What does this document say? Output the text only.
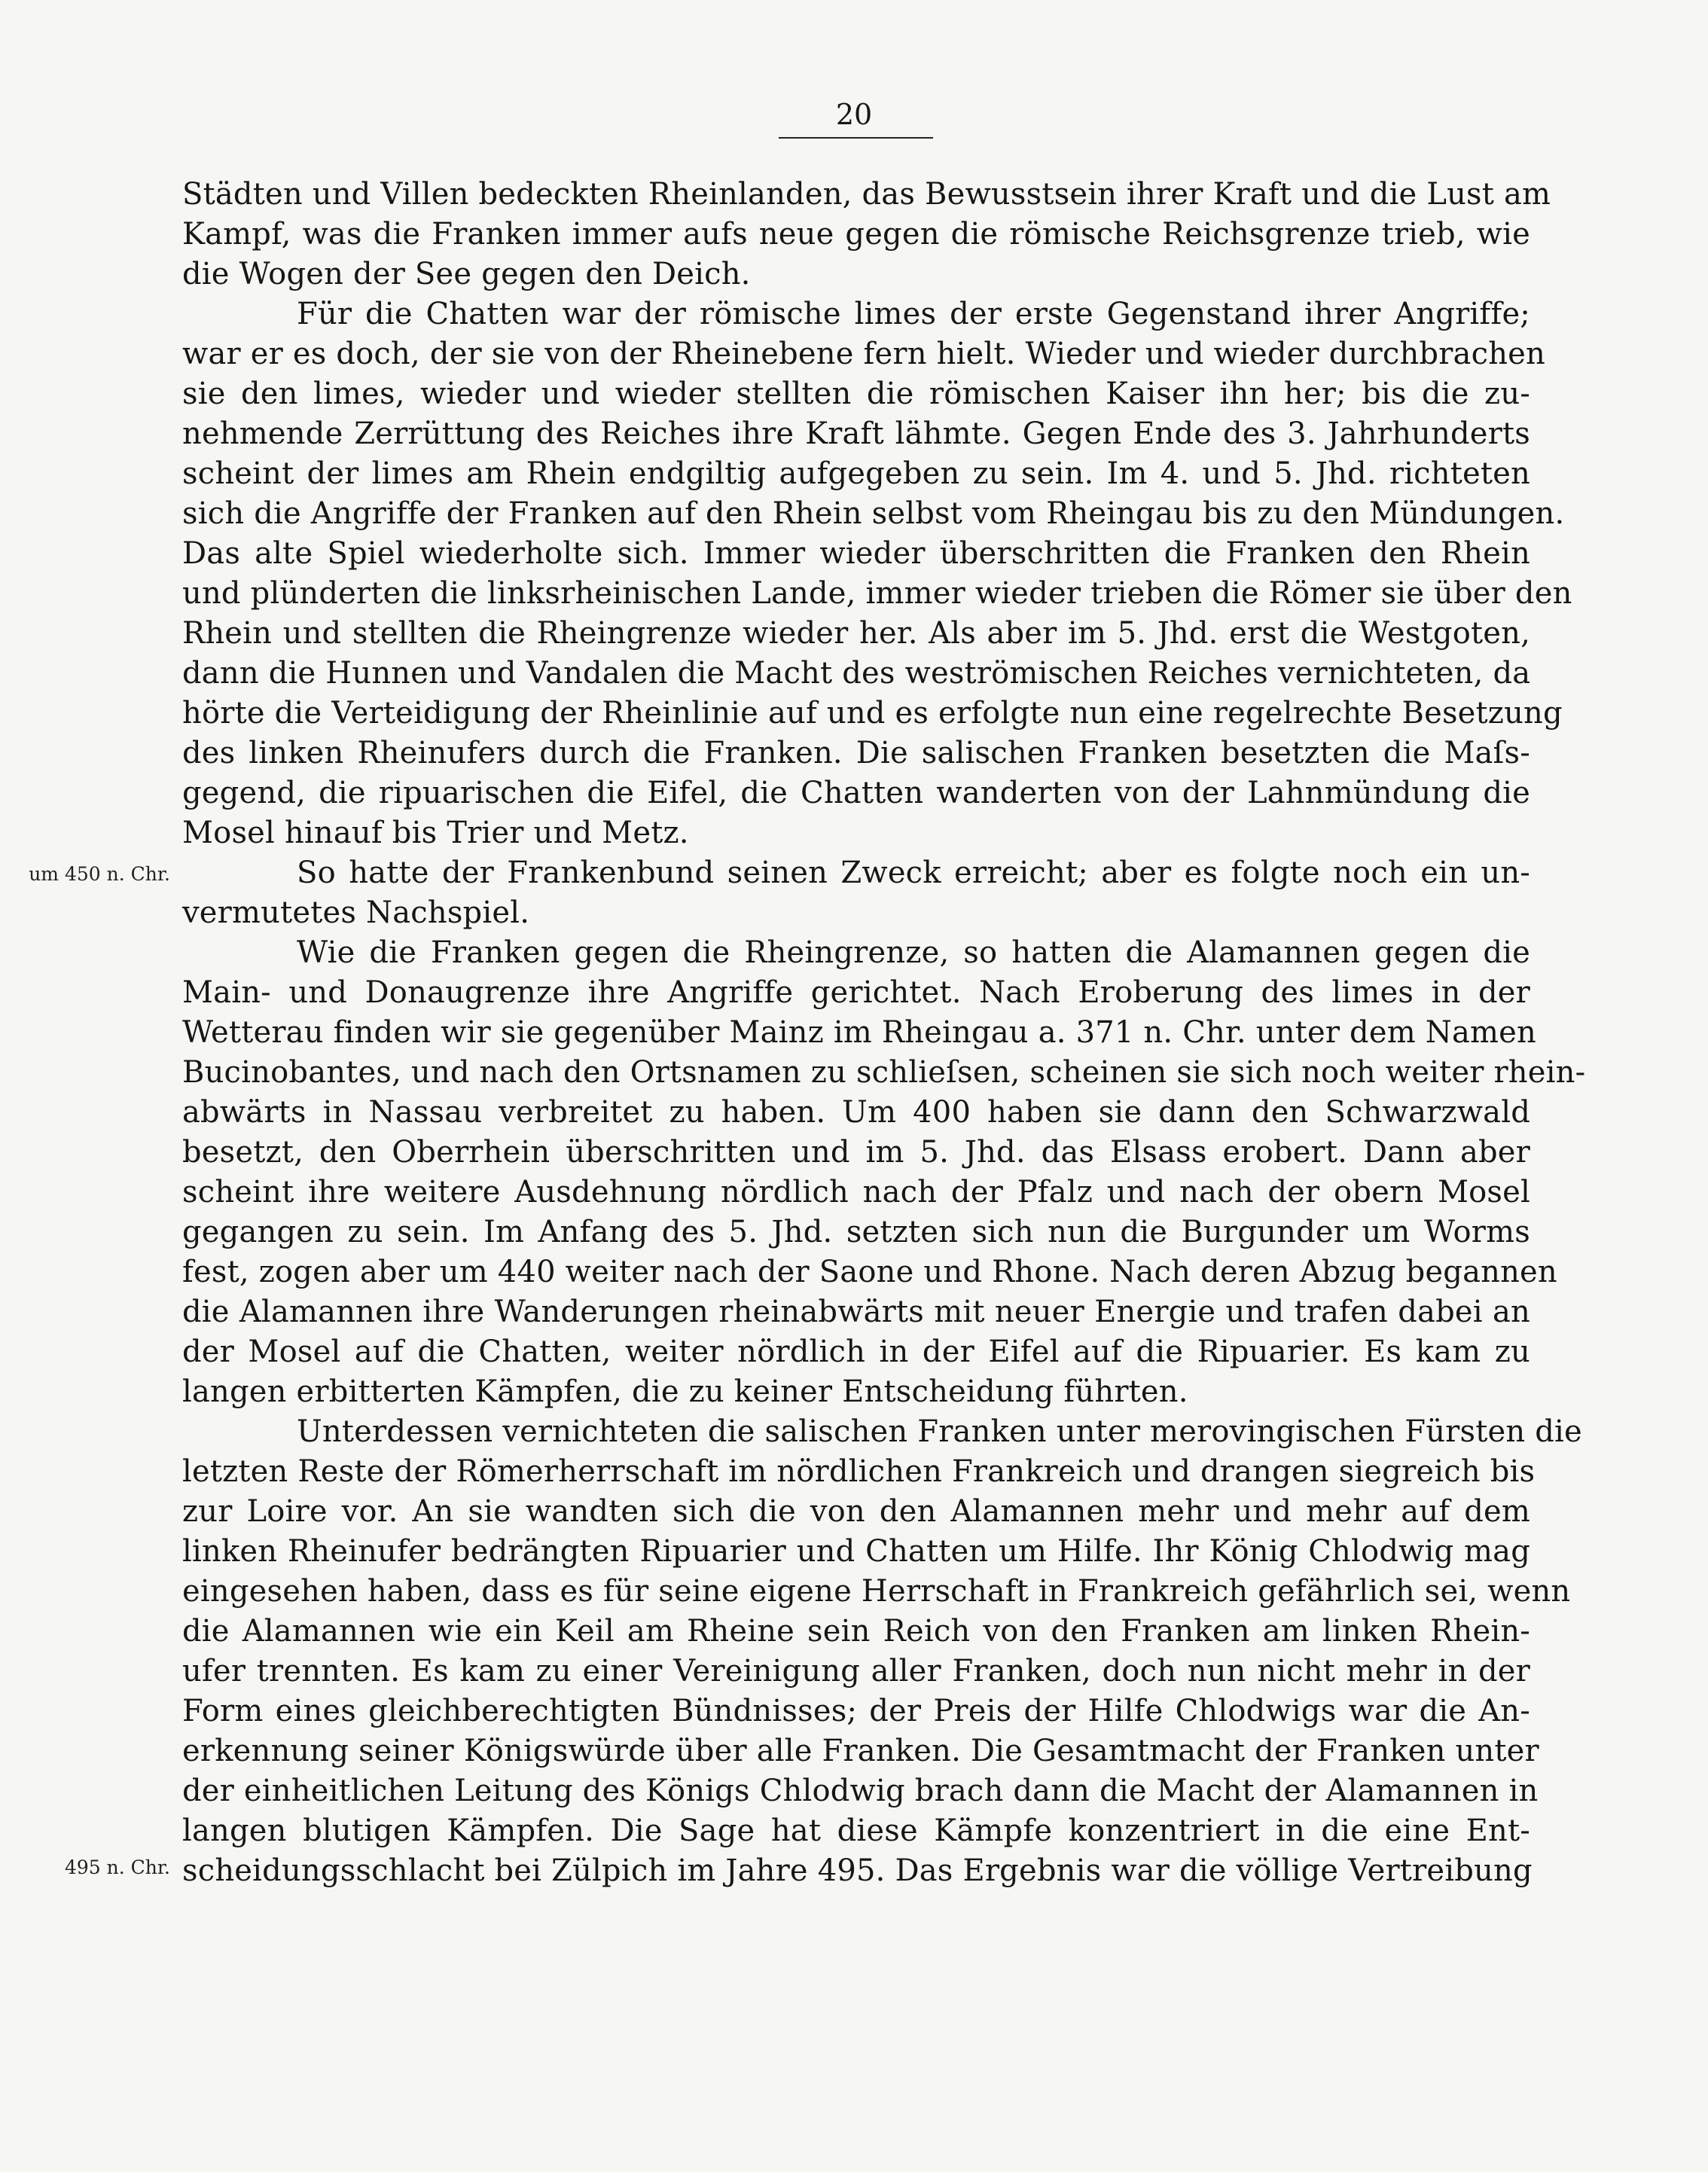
20
um 450 n. Chr.
495 n. Chr.
Städten und Villen bedeckten Rheinlanden, das Bewusstsein ihrer Kraft und die Lust am
Kampf, was die Franken immer aufs neue gegen die römische Reichsgrenze trieb, wie
die Wogen der See gegen den Deich.
Für die Chatten war der römische limes der erste Gegenstand ihrer Angriffe;
war er es doch, der sie von der Rheinebene fern hielt. Wieder und wieder durchbrachen
sie den limes, wieder und wieder stellten die römischen Kaiser ihn her; bis die zu-
nehmende Zerrüttung des Reiches ihre Kraft lähmte. Gegen Ende des 3. Jahrhunderts
scheint der limes am Rhein endgiltig aufgegeben zu sein. Im 4. und 5. Jhd. richteten
sich die Angriffe der Franken auf den Rhein selbst vom Rheingau bis zu den Mündungen.
Das alte Spiel wiederholte sich. Immer wieder überschritten die Franken den Rhein
und plünderten die linksrheinischen Lande, immer wieder trieben die Römer sie über den
Rhein und stellten die Rheingrenze wieder her. Als aber im 5. Jhd. erst die Westgoten,
dann die Hunnen und Vandalen die Macht des weströmischen Reiches vernichteten, da
hörte die Verteidigung der Rheinlinie auf und es erfolgte nun eine regelrechte Besetzung
des linken Rheinufers durch die Franken. Die salischen Franken besetzten die Maſs-
gegend, die ripuarischen die Eifel, die Chatten wanderten von der Lahnmündung die
Mosel hinauf bis Trier und Metz.
So hatte der Frankenbund seinen Zweck erreicht; aber es folgte noch ein un-
vermutetes Nachspiel.
Wie die Franken gegen die Rheingrenze, so hatten die Alamannen gegen die
Main- und Donaugrenze ihre Angriffe gerichtet. Nach Eroberung des limes in der
Wetterau finden wir sie gegenüber Mainz im Rheingau a. 371 n. Chr. unter dem Namen
Bucinobantes, und nach den Ortsnamen zu schlieſsen, scheinen sie sich noch weiter rhein-
abwärts in Nassau verbreitet zu haben. Um 400 haben sie dann den Schwarzwald
besetzt, den Oberrhein überschritten und im 5. Jhd. das Elsass erobert. Dann aber
scheint ihre weitere Ausdehnung nördlich nach der Pfalz und nach der obern Mosel
gegangen zu sein. Im Anfang des 5. Jhd. setzten sich nun die Burgunder um Worms
fest, zogen aber um 440 weiter nach der Saone und Rhone. Nach deren Abzug begannen
die Alamannen ihre Wanderungen rheinabwärts mit neuer Energie und trafen dabei an
der Mosel auf die Chatten, weiter nördlich in der Eifel auf die Ripuarier. Es kam zu
langen erbitterten Kämpfen, die zu keiner Entscheidung führten.
Unterdessen vernichteten die salischen Franken unter merovingischen Fürsten die
letzten Reste der Römerherrschaft im nördlichen Frankreich und drangen siegreich bis
zur Loire vor. An sie wandten sich die von den Alamannen mehr und mehr auf dem
linken Rheinufer bedrängten Ripuarier und Chatten um Hilfe. Ihr König Chlodwig mag
eingesehen haben, dass es für seine eigene Herrschaft in Frankreich gefährlich sei, wenn
die Alamannen wie ein Keil am Rheine sein Reich von den Franken am linken Rhein-
ufer trennten. Es kam zu einer Vereinigung aller Franken, doch nun nicht mehr in der
Form eines gleichberechtigten Bündnisses; der Preis der Hilfe Chlodwigs war die An-
erkennung seiner Königswürde über alle Franken. Die Gesamtmacht der Franken unter
der einheitlichen Leitung des Königs Chlodwig brach dann die Macht der Alamannen in
langen blutigen Kämpfen. Die Sage hat diese Kämpfe konzentriert in die eine Ent-
scheidungsschlacht bei Zülpich im Jahre 495. Das Ergebnis war die völlige Vertreibung
